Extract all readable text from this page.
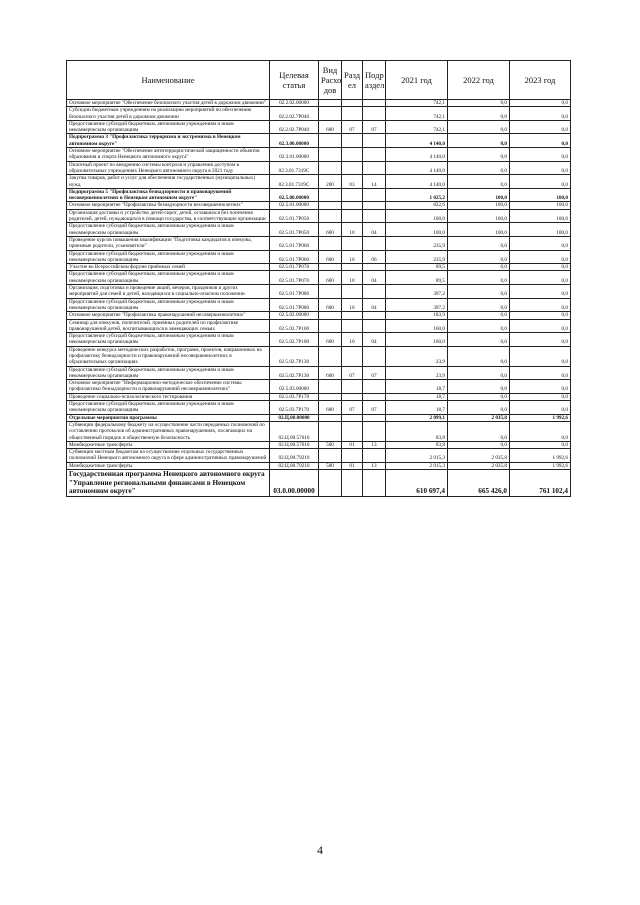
Наименование	Целевая статья	Вид Расхо дов	Разд ел	Подр аздел	2021 год	2022 год	2023 год
Основное мероприятие "Обеспечение безопасного участия детей в дорожном движении"	02.2.02.00000				742,1	0,0	0,0
Субсидии бюджетным учреждениям на реализацию мероприятий по обеспечению безопасного участия детей в дорожном движении	02.2.02.7Р040				742,1	0,0	0,0
Предоставление субсидий бюджетным, автономным учреждениям и иным некоммерческим организациям	02.2.02.7Р040	600	07	07	742,1	0,0	0,0
Подпрограмма 3 "Профилактика терроризма и экстремизма в Ненецком автономном округе"	02.3.00.00000				4 140,0	0,0	0,0
Основное мероприятие "Обеспечение антитеррористической защищенности объектов образования и спорта Ненецкого автономного округа"	02.3.01.00000				4 140,0	0,0	0,0
Пилотный проект по внедрению системы контроля и управления доступом в образовательных учреждениях Ненецкого автономного округа в 2021 году	02.3.01.7319С				4 140,0	0,0	0,0
Закупка товаров, работ и услуг для обеспечения государственных (муниципальных) нужд	02.3.01.7319С	200	03	14	4 140,0	0,0	0,0
Подпрограмма 5 "Профилактика безнадзорности и правонарушений несовершеннолетних в Ненецком автономном округе"	02.5.00.00000				1 025,2	100,0	100,0
Основное мероприятие "Профилактика безнадзорности несовершеннолетних"	02.5.01.00000				822,6	100,0	100,0
Организация доставки и устройство детей-сирот, детей, оставшихся без попечения родителей, детей, нуждающихся в помощи государства, в соответствующие организации	02.5.01.7Р050				100,0	100,0	100,0
Предоставление субсидий бюджетным, автономным учреждениям и иным некоммерческим организациям	02.5.01.7Р050	600	10	04	100,0	100,0	100,0
Проведение курсов повышения квалификации "Подготовка кандидатов в опекуны, приемные родители, усыновители"	02.5.01.7Р060				235,9	0,0	0,0
Предоставление субсидий бюджетным, автономным учреждениям и иным некоммерческим организациям	02.5.01.7Р060	600	10	06	235,9	0,0	0,0
Участие во Всероссийском форуме приёмных семей	02.5.01.7Р070				89,5	0,0	0,0
Предоставление субсидий бюджетным, автономным учреждениям и иным некоммерческим организациям	02.5.01.7Р070	600	10	04	89,5	0,0	0,0
Организация, подготовка и проведение акций, вечеров, праздников и других мероприятий для семей и детей, находящихся в социально-опасном положении	02.5.01.7Р080				397,2	0,0	0,0
Предоставление субсидий бюджетным, автономным учреждениям и иным некоммерческим организациям	02.5.01.7Р080	600	10	04	397,2	0,0	0,0
Основное мероприятие "Профилактика правонарушений несовершеннолетних"	02.5.02.00000				183,9	0,0	0,0
Семинар для опекунов, попечителей, приемных родителей по профилактике правонарушений детей, воспитывающихся в замещающих семьях	02.5.02.7Р100				160,0	0,0	0,0
Предоставление субсидий бюджетным, автономным учреждениям и иным некоммерческим организациям	02.5.02.7Р100	600	10	04	160,0	0,0	0,0
Проведение конкурса методических разработок, программ, проектов, направленных на профилактику безнадзорности и правонарушений несовершеннолетних в образовательных организациях	02.5.02.7Р130				23,9	0,0	0,0
Предоставление субсидий бюджетным, автономным учреждениям и иным некоммерческим организациям	02.5.02.7Р130	600	07	07	23,9	0,0	0,0
Основное мероприятие "Информационно-методическое обеспечение системы профилактики безнадзорности и правонарушений несовершеннолетних"	02.5.03.00000				18,7	0,0	0,0
Проведение социально-психологического тестирования	02.5.03.7Р170				18,7	0,0	0,0
Предоставление субсидий бюджетным, автономным учреждениям и иным некоммерческим организациям	02.5.03.7Р170	600	07	07	18,7	0,0	0,0
Отдельные мероприятия программы	02.Ц.00.00000				2 099,1	2 035,8	1 992,6
Субвенции федеральному бюджету на осуществление части переданных полномочий по составлению протоколов об административных правонарушениях, посягающих на общественный порядок и общественную безопасность	02.Ц.00.57010				83,8	0,0	0,0
Межбюджетные трансферты	02.Ц.00.57010	500	01	13	83,8	0,0	0,0
Субвенции местным бюджетам на осуществление отдельных государственных полномочий Ненецкого автономного округа в сфере административных правонарушений	02.Ц.00.79210				2 015,3	2 035,8	1 992,6
Межбюджетные трансферты	02.Ц.00.79210	500	01	13	2 015,3	2 035,8	1 992,6
Государственная программа Ненецкого автономного округа "Управление региональными финансами в Ненецком автономном округе"	03.0.00.00000				610 697,4	665 426,0	761 102,4
4
